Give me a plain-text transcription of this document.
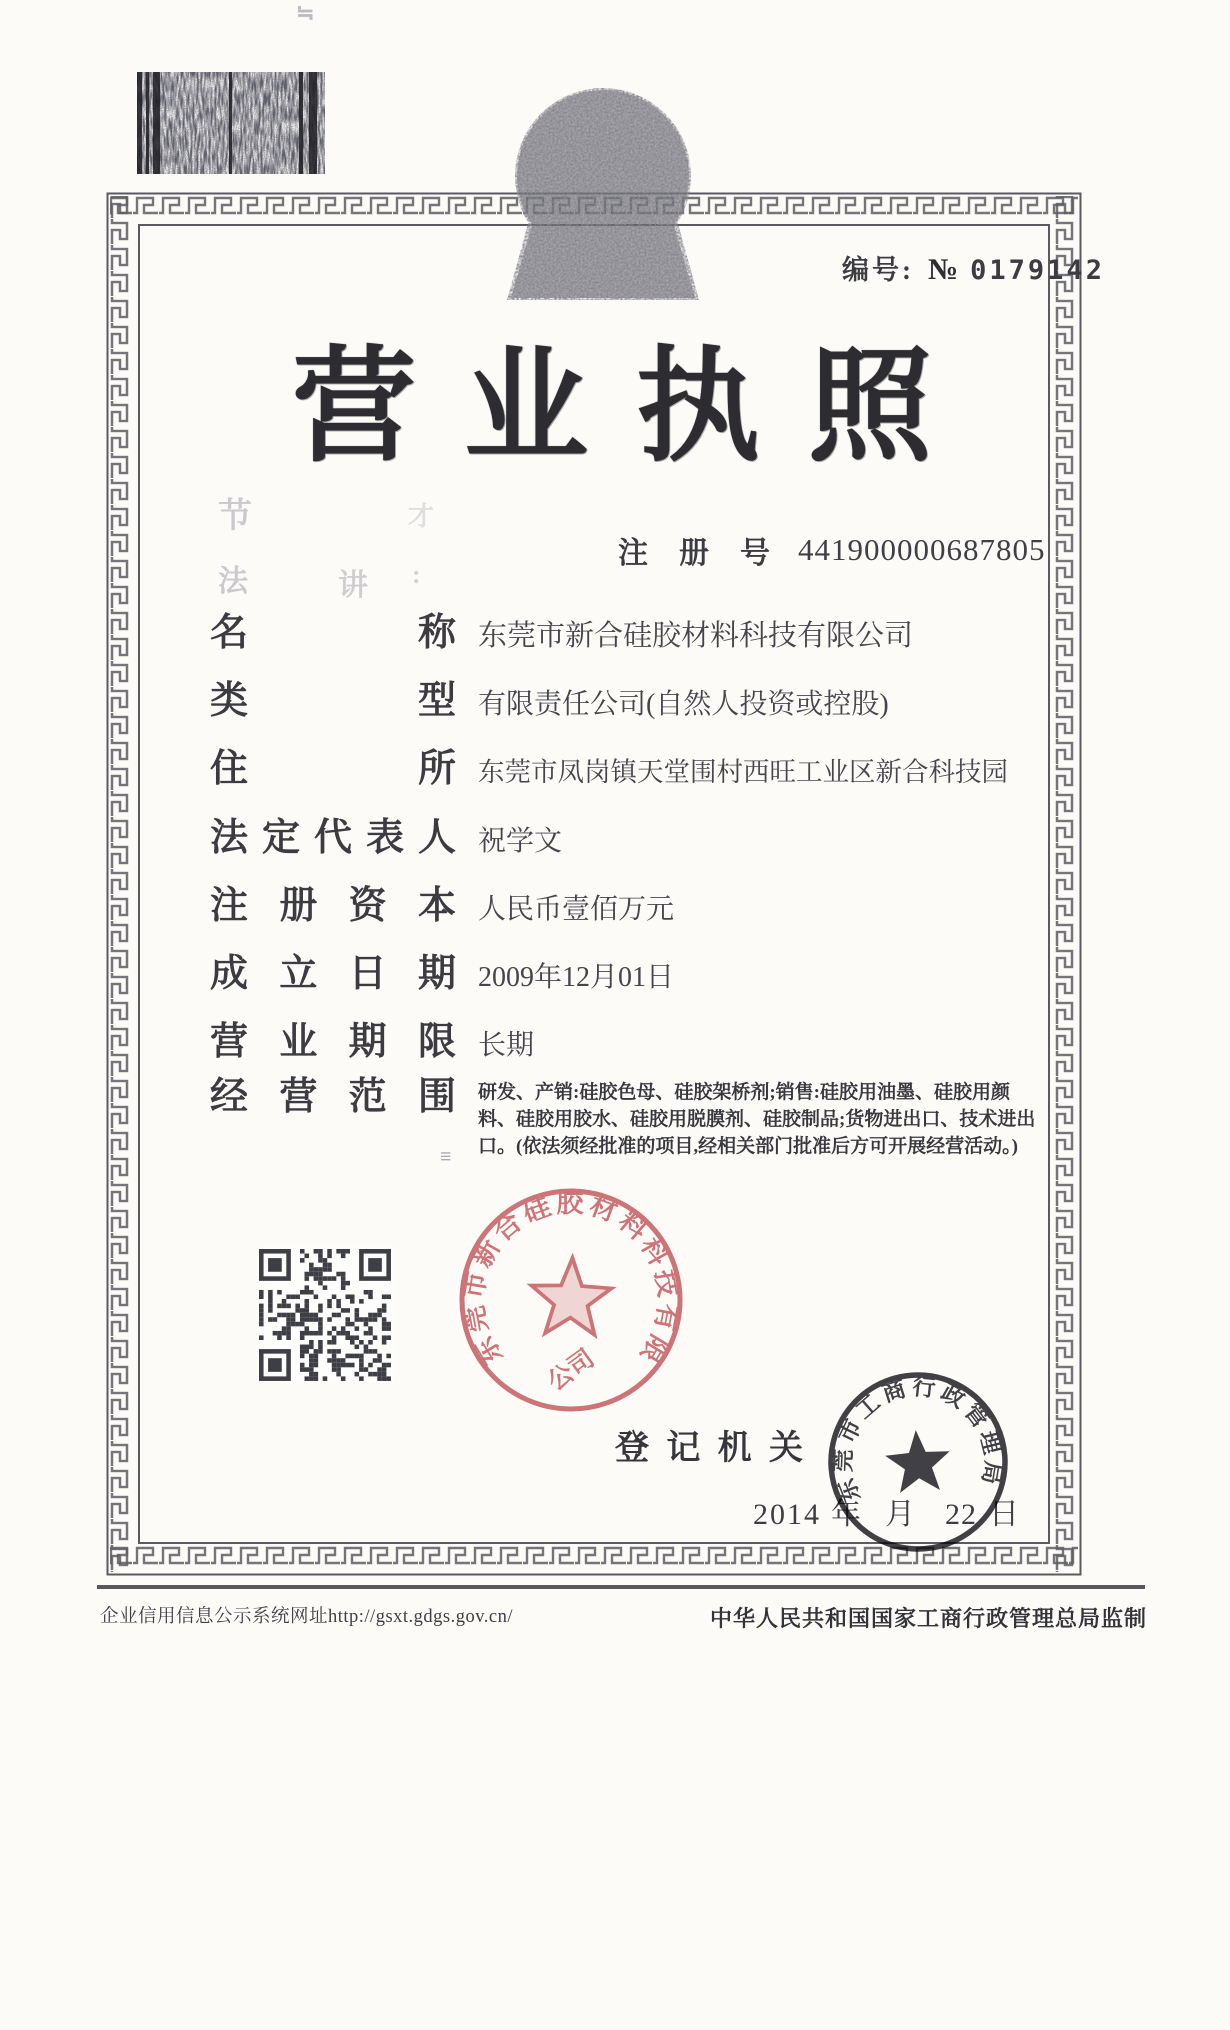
编号: № 0179142
营 业 执 照
注 册 号 441900000687805
名	称 东莞市新合硅胶材料科技有限公司
类	型 有限责任公司(自然人投资或控股)
住	所 东莞市凤岗镇天堂围村西旺工业区新合科技园
法 定 代 表 人 祝学文
注 册 资 本 人民币壹佰万元
成 立 日 期 2009年12月01日
营 业 期 限 长期
经 营 范 围 研发、产销:硅胶色母、硅胶架桥剂;销售:硅胶用油墨、硅胶用颜料、硅胶用胶水、硅胶用脱膜剂、硅胶制品;货物进出口、技术进出口。(依法须经批准的项目,经相关部门批准后方可开展经营活动。)
东莞市新合硅胶材料科技有限
公司
登 记 机 关
2014 年 月 22 日
东莞市工商行政管理局
企业信用信息公示系统网址http://gsxt.gdgs.gov.cn/	中华人民共和国国家工商行政管理总局监制
节	才
法	讲 :
≡
≒
